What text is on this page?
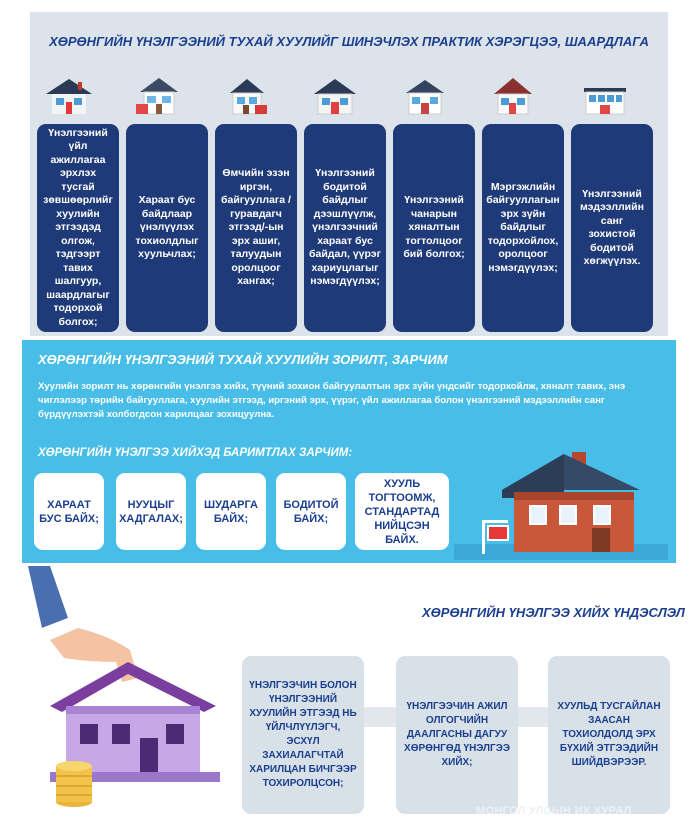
ХӨРӨНГИЙН ҮНЭЛГЭЭНИЙ ТУХАЙ ХУУЛИЙГ ШИНЭЧЛЭХ ПРАКТИК ХЭРЭГЦЭЭ, ШААРДЛАГА
Үнэлгээний үйл ажиллагаа эрхлэх тусгай зөвшөөрлийг хуулийн этгээдэд олгож, тэдгээрт тавих шалгуур, шаардлагыг тодорхой болгох;
Хараат бус байдлаар үнэлүүлэх тохиолдлыг хуульчлах;
Өмчийн эзэн иргэн, байгууллага /гуравдагч этгээд/-ын эрх ашиг, талуудын оролцоог хангах;
Үнэлгээний бодитой байдлыг дээшлүүлж, үнэлгээчний хараат бус байдал, үүрэг хариуцлагыг нэмэгдүүлэх;
Үнэлгээний чанарын хяналтын тогтолцоог бий болгох;
Мэргэжлийн байгууллагын эрх зүйн байдлыг тодорхойлох, оролцоог нэмэгдүүлэх;
Үнэлгээний мэдээллийн санг зохистой бодитой хөгжүүлэх.
ХӨРӨНГИЙН ҮНЭЛГЭЭНИЙ ТУХАЙ ХУУЛИЙН ЗОРИЛТ, ЗАРЧИМ
Хуулийн зорилт нь хөрөнгийн үнэлгээ хийх, түүний зохион байгуулалтын эрх зүйн үндсийг тодорхойлж, хяналт тавих, энэ чиглэлээр төрийн байгууллага, хуулийн этгээд, иргэний эрх, үүрэг, үйл ажиллагаа болон үнэлгээний мэдээллийн санг бүрдүүлэхтэй холбогдсон харилцааг зохицуулна.
ХӨРӨНГИЙН ҮНЭЛГЭЭ ХИЙХЭД БАРИМТЛАХ ЗАРЧИМ:
ХАРААТ БУС БАЙХ;
НУУЦЫГ ХАДГАЛАХ;
ШУДАРГА БАЙХ;
БОДИТОЙ БАЙХ;
ХУУЛЬ ТОГТООМЖ, СТАНДАРТАД НИЙЦСЭН БАЙХ.
ХӨРӨНГИЙН ҮНЭЛГЭЭ ХИЙХ ҮНДЭСЛЭЛ
ҮНЭЛГЭЭЧИН БОЛОН ҮНЭЛГЭЭНИЙ ХУУЛИЙН ЭТГЭЭД НЬ ҮЙЛЧЛҮҮЛЭГЧ, ЭСХҮЛ ЗАХИАЛАГЧТАЙ ХАРИЛЦАН БИЧГЭЭР ТОХИРОЛЦСОН;
ҮНЭЛГЭЭЧИН АЖИЛ ОЛГОГЧИЙН ДААЛГАСНЫ ДАГУУ ХӨРӨНГӨД ҮНЭЛГЭЭ ХИЙХ;
ХУУЛЬД ТУСГАЙЛАН ЗААСАН ТОХИОЛДОЛД ЭРХ БҮХИЙ ЭТГЭЭДИЙН ШИЙДВЭРЭЭР.
МОНГОЛ УЛСЫН ИХ ХУРАЛ
